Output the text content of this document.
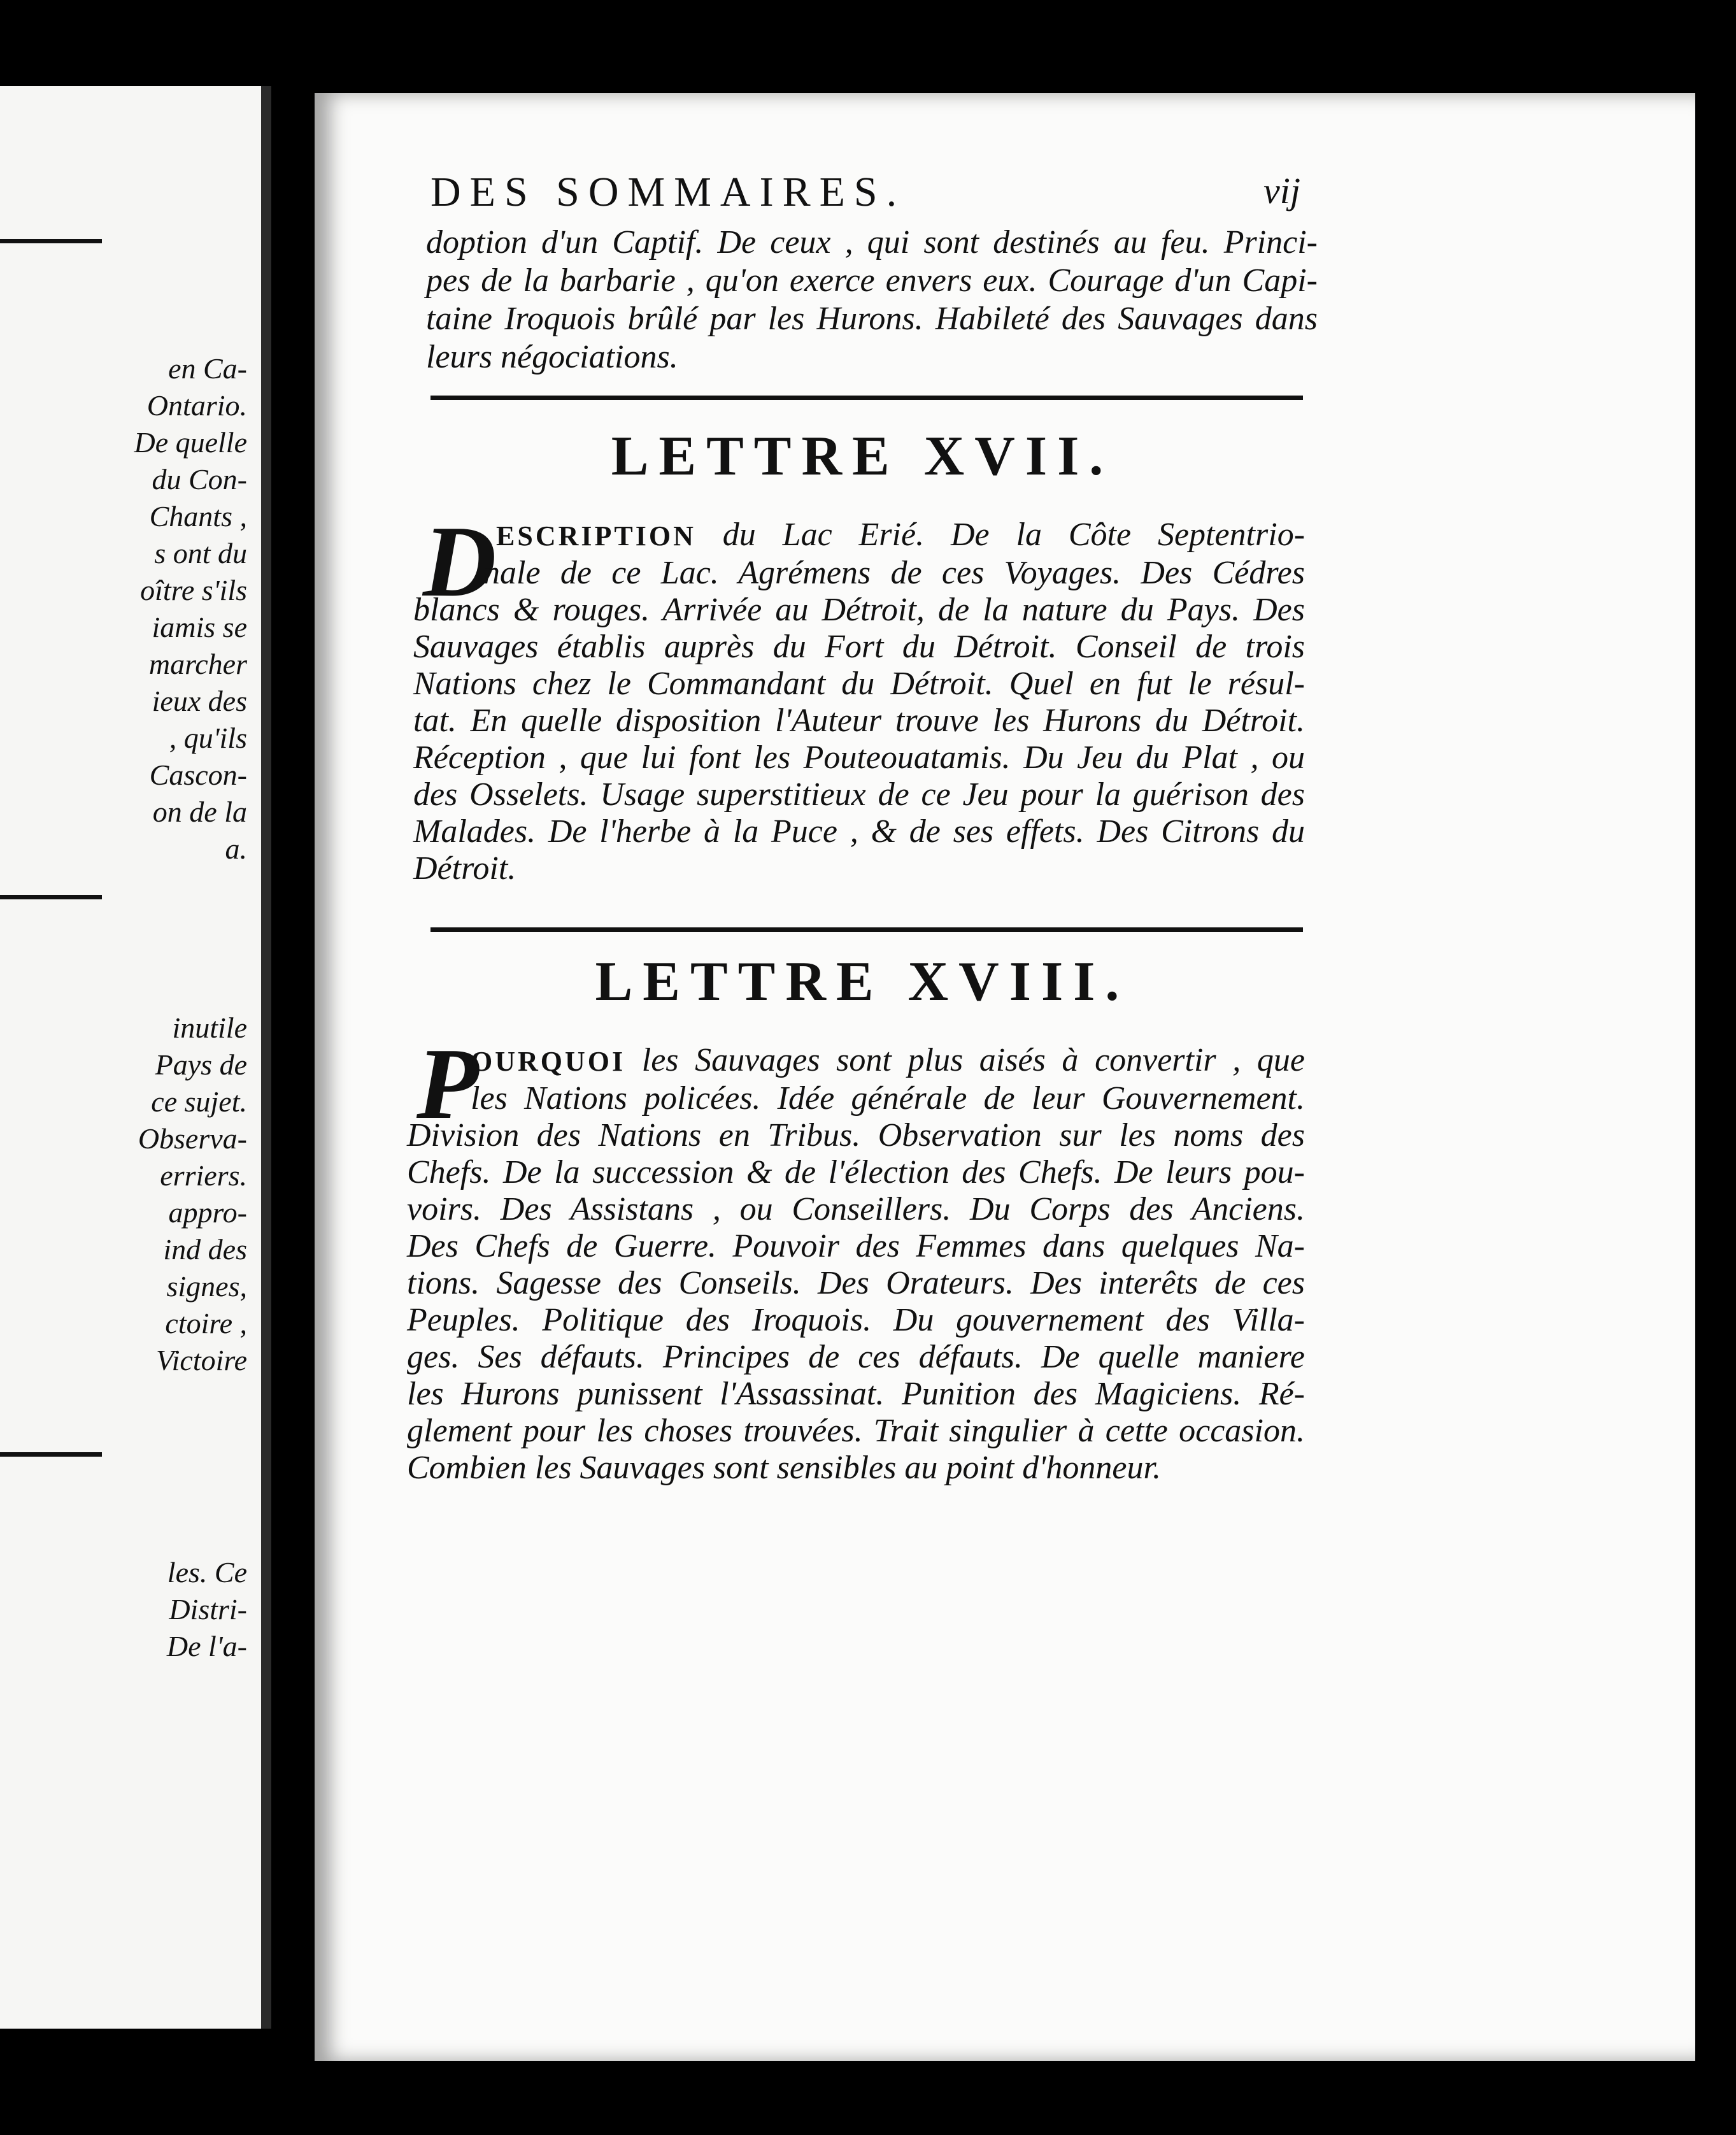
en Ca-
Ontario.
De quelle
du Con-
Chants ,
s ont du
oître s'ils
iamis se
marcher
ieux des
, qu'ils
Cascon-
on de la
a.
inutile
Pays de
ce sujet.
Observa-
erriers.
appro-
ind des
signes,
ctoire ,
Victoire
les. Ce
Distri-
De l'a-
DES SOMMAIRES.	vij
doption d'un Captif. De ceux , qui sont destinés au feu. Princi-
pes de la barbarie , qu'on exerce envers eux. Courage d'un Capi-
taine Iroquois brûlé par les Hurons. Habileté des Sauvages dans
leurs négociations.
LETTRE XVII.
D ESCRIPTION du Lac Erié. De la Côte Septentrio-
nale de ce Lac. Agrémens de ces Voyages. Des Cédres
blancs & rouges. Arrivée au Détroit, de la nature du Pays. Des
Sauvages établis auprès du Fort du Détroit. Conseil de trois
Nations chez le Commandant du Détroit. Quel en fut le résul-
tat. En quelle disposition l'Auteur trouve les Hurons du Détroit.
Réception , que lui font les Pouteouatamis. Du Jeu du Plat , ou
des Osselets. Usage superstitieux de ce Jeu pour la guérison des
Malades. De l'herbe à la Puce , & de ses effets. Des Citrons du
Détroit.
LETTRE XVIII.
P
OURQUOI les Sauvages sont plus aisés à convertir , que
les Nations policées. Idée générale de leur Gouvernement.
Division des Nations en Tribus. Observation sur les noms des
Chefs. De la succession & de l'élection des Chefs. De leurs pou-
voirs. Des Assistans , ou Conseillers. Du Corps des Anciens.
Des Chefs de Guerre. Pouvoir des Femmes dans quelques Na-
tions. Sagesse des Conseils. Des Orateurs. Des interêts de ces
Peuples. Politique des Iroquois. Du gouvernement des Villa-
ges. Ses défauts. Principes de ces défauts. De quelle maniere
les Hurons punissent l'Assassinat. Punition des Magiciens. Ré-
glement pour les choses trouvées. Trait singulier à cette occasion.
Combien les Sauvages sont sensibles au point d'honneur.
